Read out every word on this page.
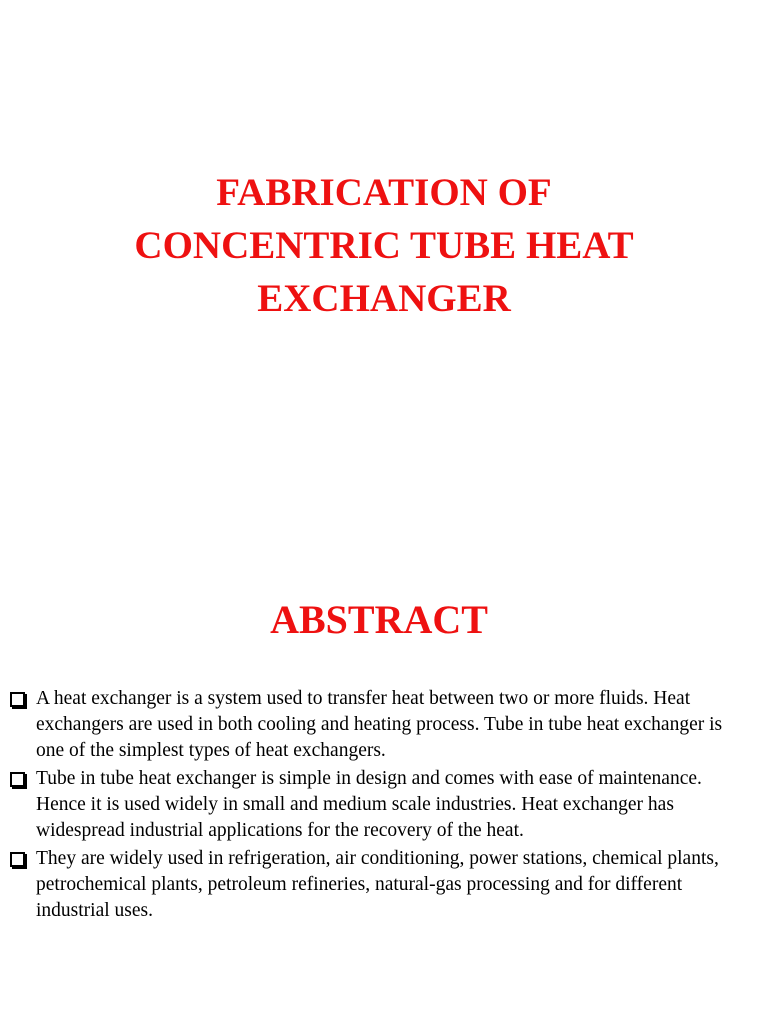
FABRICATION OF
CONCENTRIC TUBE HEAT
EXCHANGER
ABSTRACT
A heat exchanger is a system used to transfer heat between two or more fluids. Heat exchangers are used in both cooling and heating process. Tube in tube heat exchanger is one of the simplest types of heat exchangers.
Tube in tube heat exchanger is simple in design and comes with ease of maintenance. Hence it is used widely in small and medium scale industries. Heat exchanger has widespread industrial applications for the recovery of the heat.
They are widely used in refrigeration, air conditioning, power stations, chemical plants, petrochemical plants, petroleum refineries, natural-gas processing and for different industrial uses.
